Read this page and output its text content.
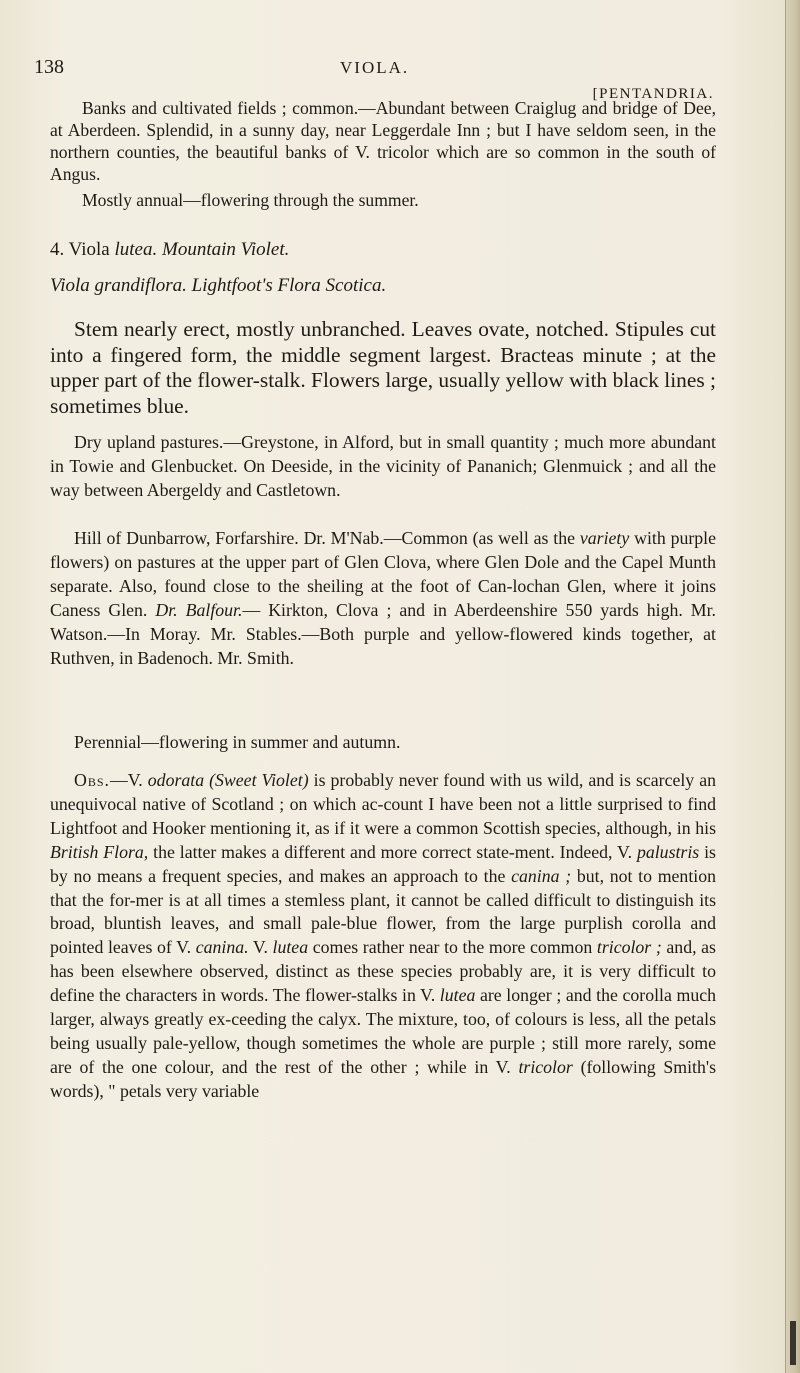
138	VIOLA.
[PENTANDRIA.

Banks and cultivated fields ; common.—Abundant between Craiglug and bridge of Dee, at Aberdeen. Splendid, in a sunny day, near Leggerdale Inn ; but I have seldom seen, in the northern counties, the beautiful banks of V. tricolor which are so common in the south of Angus.

Mostly annual—flowering through the summer.

4. Viola lutea. Mountain Violet.

Viola grandiflora. Lightfoot's Flora Scotica.

Stem nearly erect, mostly unbranched. Leaves ovate, notched. Stipules cut into a fingered form, the middle segment largest. Bracteas minute ; at the upper part of the flower-stalk. Flowers large, usually yellow with black lines ; sometimes blue.

Dry upland pastures.—Greystone, in Alford, but in small quantity ; much more abundant in Towie and Glenbucket. On Deeside, in the vicinity of Pananich; Glenmuick ; and all the way between Abergeldy and Castletown.

Hill of Dunbarrow, Forfarshire. Dr. M'Nab.—Common (as well as the variety with purple flowers) on pastures at the upper part of Glen Clova, where Glen Dole and the Capel Munth separate. Also, found close to the sheiling at the foot of Can-lochan Glen, where it joins Caness Glen. Dr. Balfour.— Kirkton, Clova ; and in Aberdeenshire 550 yards high. Mr. Watson.—In Moray. Mr. Stables.—Both purple and yellow-flowered kinds together, at Ruthven, in Badenoch. Mr. Smith.

Perennial—flowering in summer and autumn.

Obs.—V. odorata (Sweet Violet) is probably never found with us wild, and is scarcely an unequivocal native of Scotland ; on which ac-count I have been not a little surprised to find Lightfoot and Hooker mentioning it, as if it were a common Scottish species, although, in his British Flora, the latter makes a different and more correct state-ment. Indeed, V. palustris is by no means a frequent species, and makes an approach to the canina ; but, not to mention that the for-mer is at all times a stemless plant, it cannot be called difficult to distinguish its broad, bluntish leaves, and small pale-blue flower, from the large purplish corolla and pointed leaves of V. canina. V. lutea comes rather near to the more common tricolor ; and, as has been elsewhere observed, distinct as these species probably are, it is very difficult to define the characters in words. The flower-stalks in V. lutea are longer ; and the corolla much larger, always greatly ex-ceeding the calyx. The mixture, too, of colours is less, all the petals being usually pale-yellow, though sometimes the whole are purple ; still more rarely, some are of the one colour, and the rest of the other ; while in V. tricolor (following Smith's words), " petals very variable
